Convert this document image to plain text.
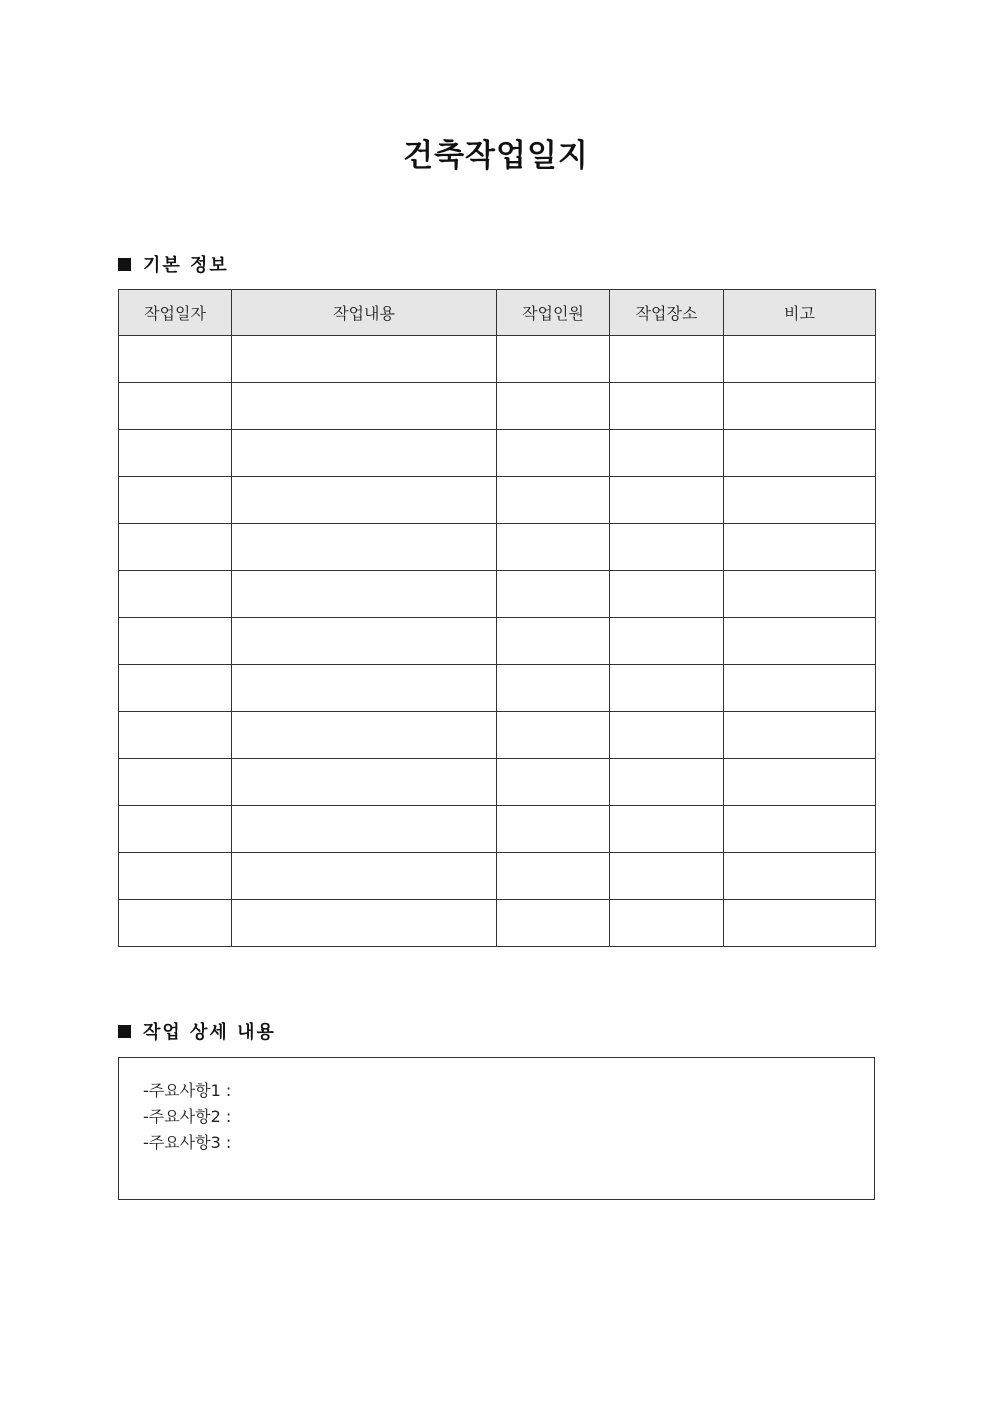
건축작업일지
기본 정보
작업일자	작업내용	작업인원	작업장소	비고

작업 상세 내용
-주요사항1 :
-주요사항2 :
-주요사항3 :
